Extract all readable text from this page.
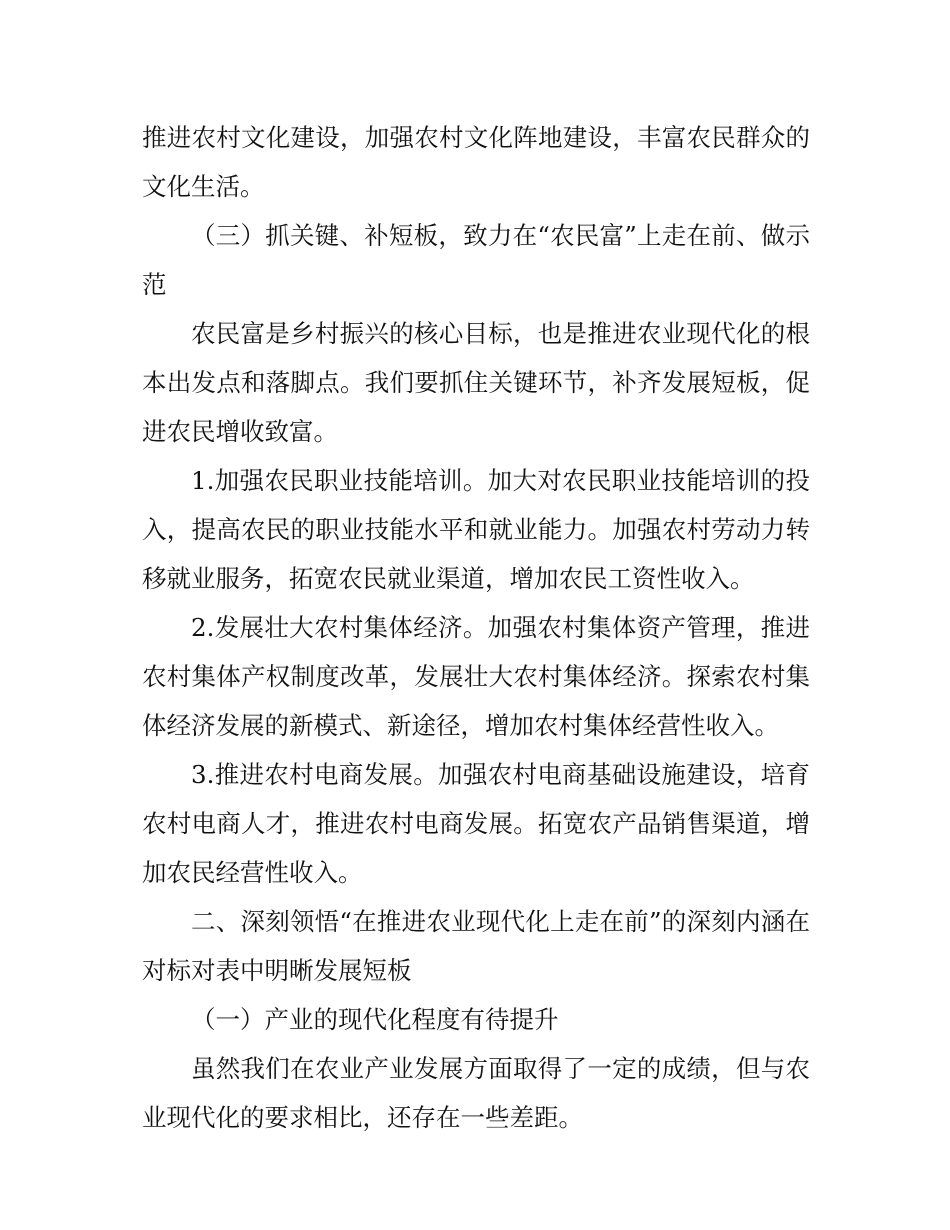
推进农村文化建设，加强农村文化阵地建设，丰富农民群众的文化生活。

（三）抓关键、补短板，致力在“农民富”上走在前、做示范

农民富是乡村振兴的核心目标，也是推进农业现代化的根本出发点和落脚点。我们要抓住关键环节，补齐发展短板，促进农民增收致富。

1.加强农民职业技能培训。加大对农民职业技能培训的投入，提高农民的职业技能水平和就业能力。加强农村劳动力转移就业服务，拓宽农民就业渠道，增加农民工资性收入。

2.发展壮大农村集体经济。加强农村集体资产管理，推进农村集体产权制度改革，发展壮大农村集体经济。探索农村集体经济发展的新模式、新途径，增加农村集体经营性收入。

3.推进农村电商发展。加强农村电商基础设施建设，培育农村电商人才，推进农村电商发展。拓宽农产品销售渠道，增加农民经营性收入。

二、深刻领悟“在推进农业现代化上走在前”的深刻内涵在对标对表中明晰发展短板

（一）产业的现代化程度有待提升

虽然我们在农业产业发展方面取得了一定的成绩，但与农业现代化的要求相比，还存在一些差距。
